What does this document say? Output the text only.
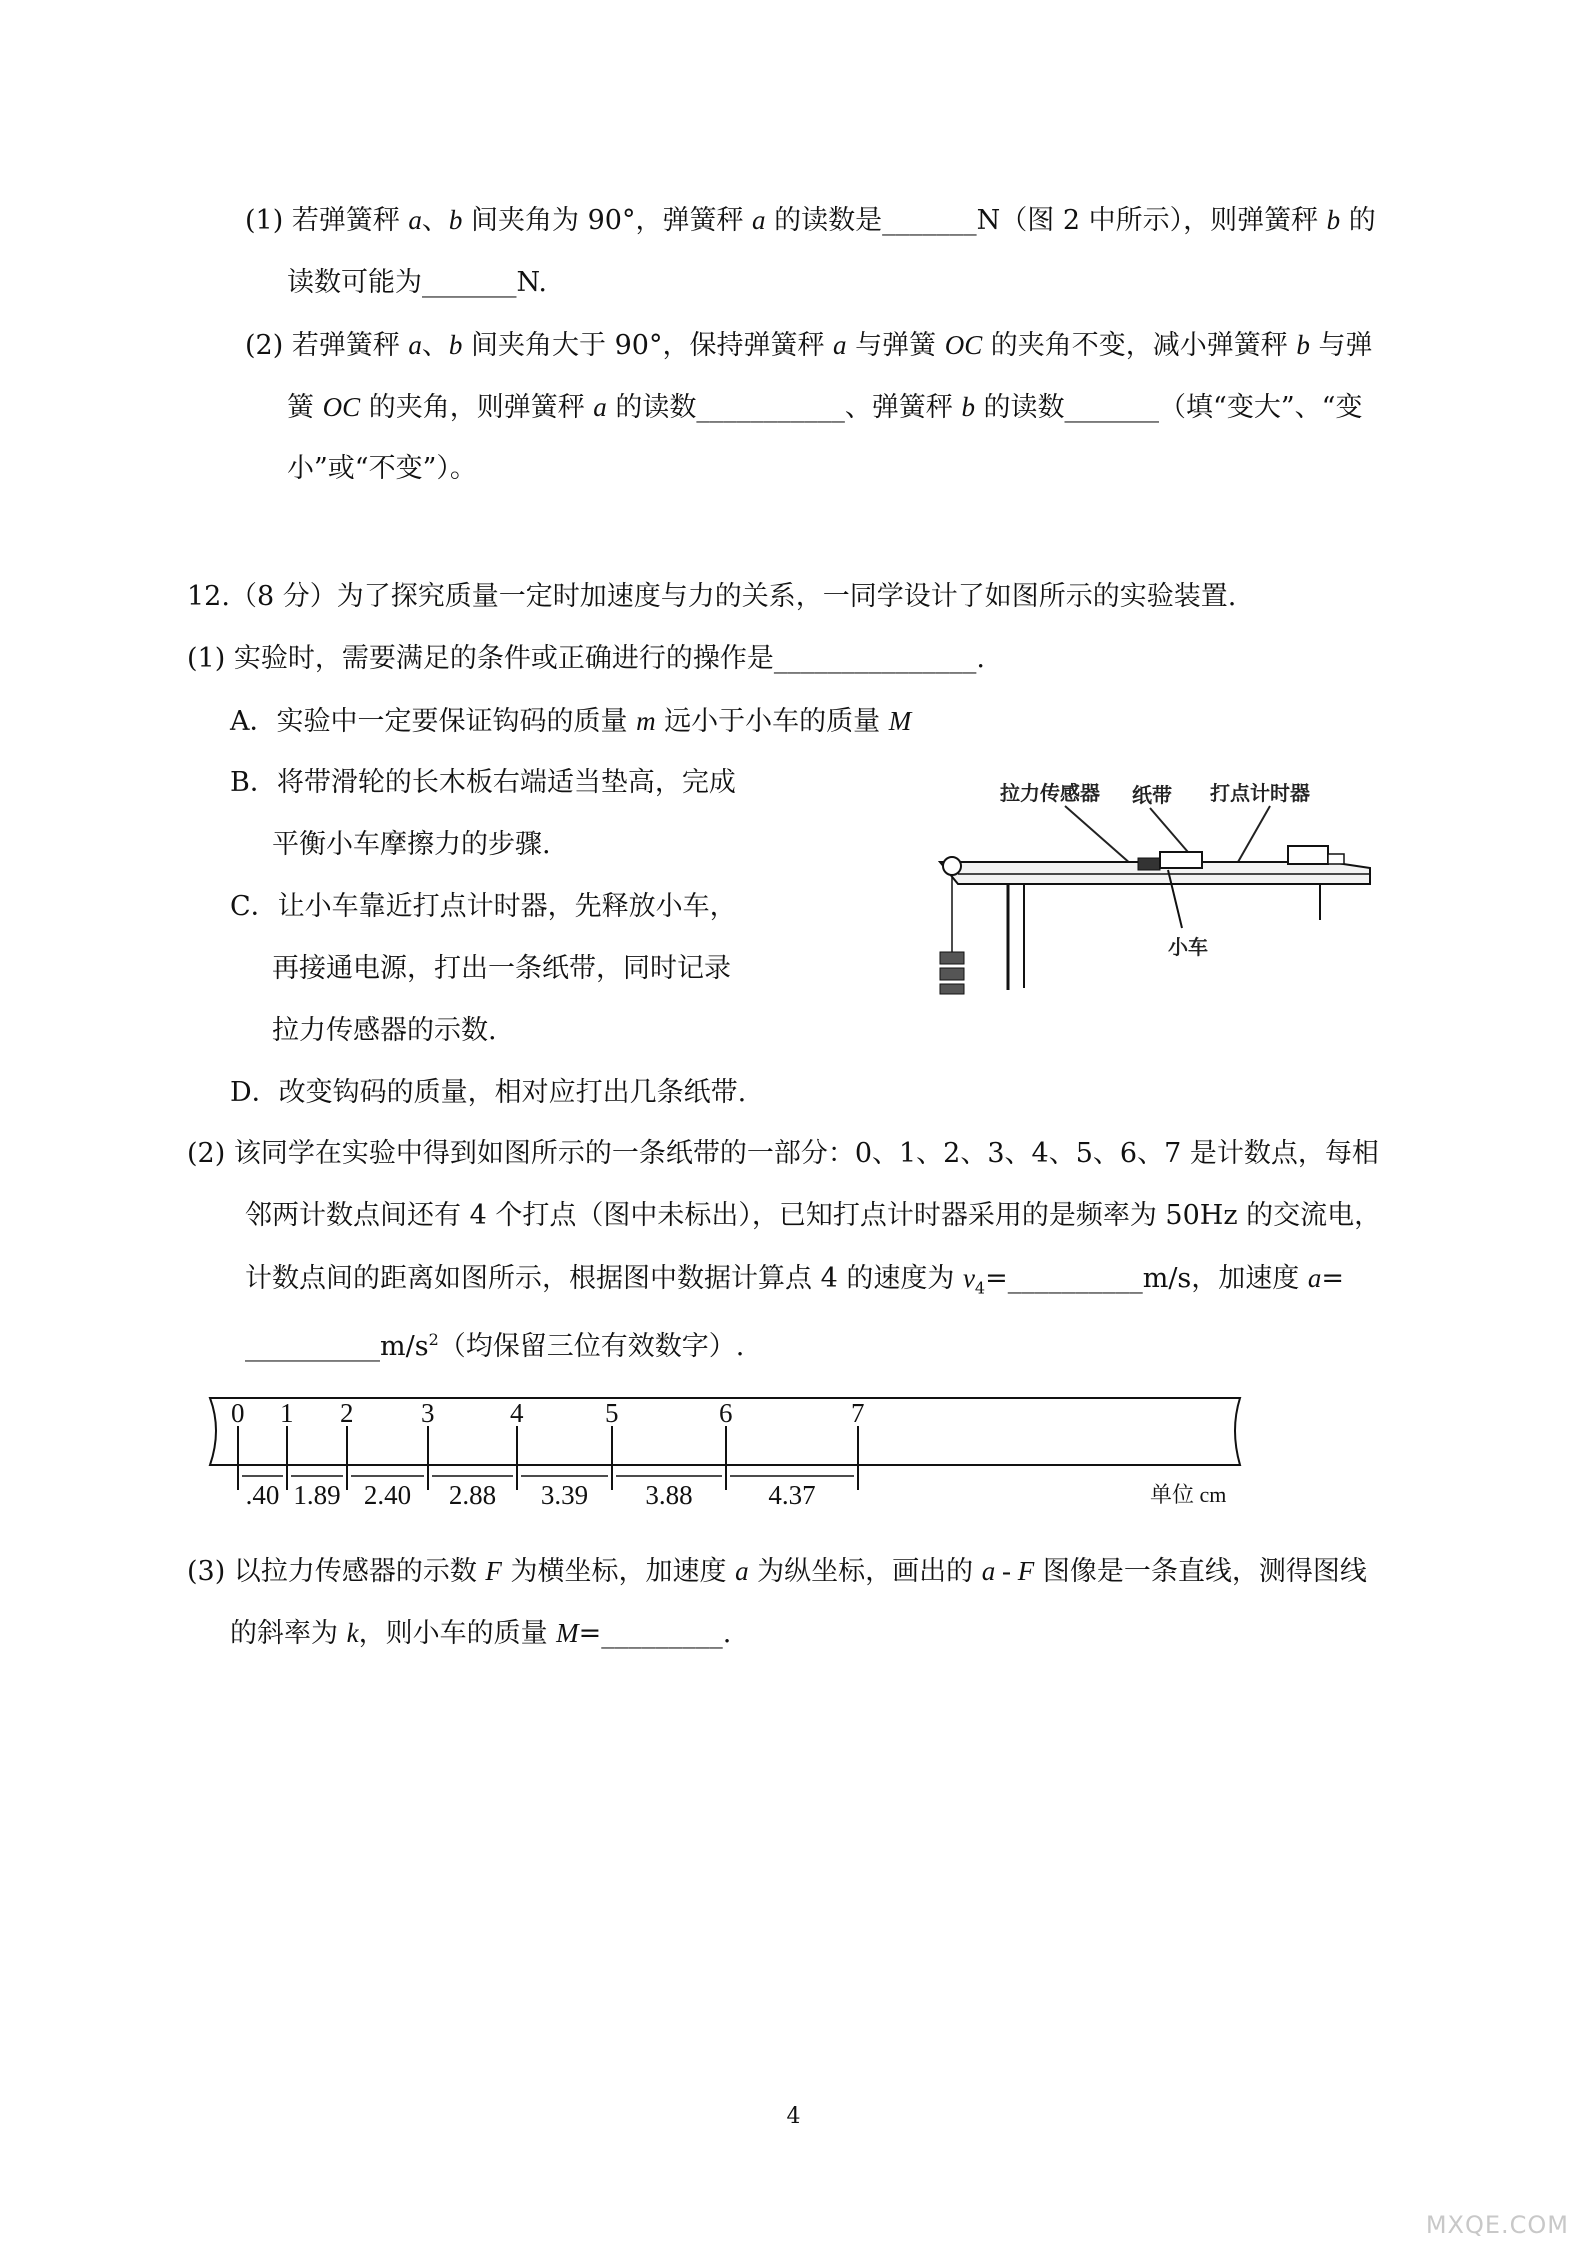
(1) 若弹簧秤 a、b 间夹角为 90°，弹簧秤 a 的读数是_______N（图 2 中所示），则弹簧秤 b 的
读数可能为_______N.
(2) 若弹簧秤 a、b 间夹角大于 90°，保持弹簧秤 a 与弹簧 OC 的夹角不变，减小弹簧秤 b 与弹
簧 OC 的夹角，则弹簧秤 a 的读数___________、弹簧秤 b 的读数_______（填“变大”、“变
小”或“不变”）。
12.（8 分）为了探究质量一定时加速度与力的关系，一同学设计了如图所示的实验装置.
(1) 实验时，需要满足的条件或正确进行的操作是_______________.
A．实验中一定要保证钩码的质量 m 远小于小车的质量 M
B．将带滑轮的长木板右端适当垫高，完成
平衡小车摩擦力的步骤.
C．让小车靠近打点计时器，先释放小车，
再接通电源，打出一条纸带，同时记录
拉力传感器的示数.
D．改变钩码的质量，相对应打出几条纸带.
拉力传感器 纸带 打点计时器
小车
(2) 该同学在实验中得到如图所示的一条纸带的一部分：0、1、2、3、4、5、6、7 是计数点，每相
邻两计数点间还有 4 个打点（图中未标出），已知打点计时器采用的是频率为 50Hz 的交流电，
计数点间的距离如图所示，根据图中数据计算点 4 的速度为 $v_4=\_\_\_\_\_\_\_\_\_\_m/s$，加速度 a=
$\_\_\_\_\_\_\_\_\_\_m/s^2$（均保留三位有效数字）.
0 1 2	3	4	5	6	7
.40 1.89 2.40 2.88 3.39 3.88	4.37	单位 cm
(3) 以拉力传感器的示数 F 为横坐标，加速度 a 为纵坐标，画出的 a - F 图像是一条直线，测得图线
的斜率为 k，则小车的质量 M=_________.
4
MXQE.COM
